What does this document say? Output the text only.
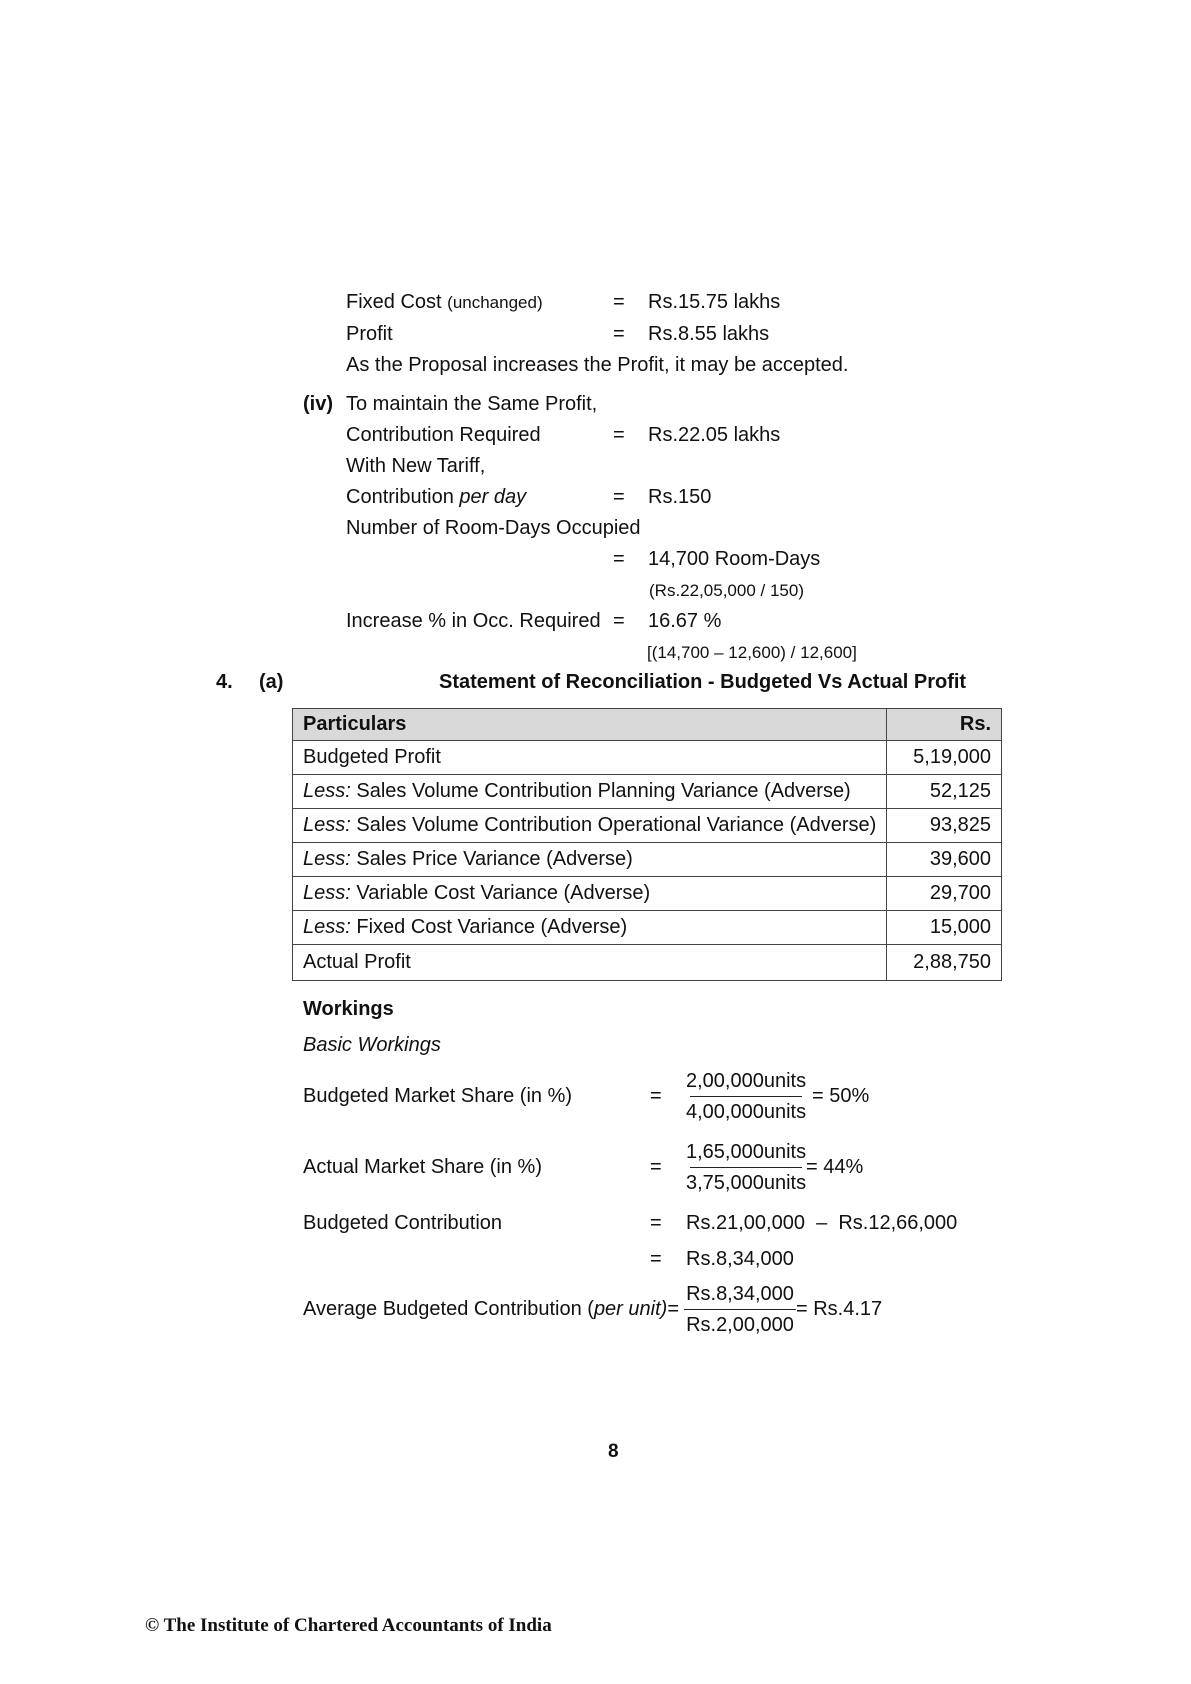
Fixed Cost (unchanged)	= Rs.15.75 lakhs
Profit	= Rs.8.55 lakhs
As the Proposal increases the Profit, it may be accepted.
(iv) To maintain the Same Profit,
Contribution Required	= Rs.22.05 lakhs
With New Tariff,
Contribution per day	= Rs.150
Number of Room-Days Occupied
= 14,700 Room-Days
(Rs.22,05,000 / 150)
Increase % in Occ. Required = 16.67 %
[(14,700 – 12,600) / 12,600]
4. (a)	Statement of Reconciliation - Budgeted Vs Actual Profit
Particulars	Rs.
Budgeted Profit	5,19,000
Less: Sales Volume Contribution Planning Variance (Adverse)	52,125
Less: Sales Volume Contribution Operational Variance (Adverse)	93,825
Less: Sales Price Variance (Adverse)	39,600
Less: Variable Cost Variance (Adverse)	29,700
Less: Fixed Cost Variance (Adverse)	15,000
Actual Profit	2,88,750
Workings
Basic Workings
Budgeted Market Share (in %)	=
2,00,000units
4,00,000units
= 50%
Actual Market Share (in %)	=
1,65,000units
3,75,000units
= 44%
Budgeted Contribution	= Rs.21,00,000  –  Rs.12,66,000
= Rs.8,34,000
Average Budgeted Contribution (per unit)=
Rs.8,34,000
Rs.2,00,000
= Rs.4.17
8
© The Institute of Chartered Accountants of India
